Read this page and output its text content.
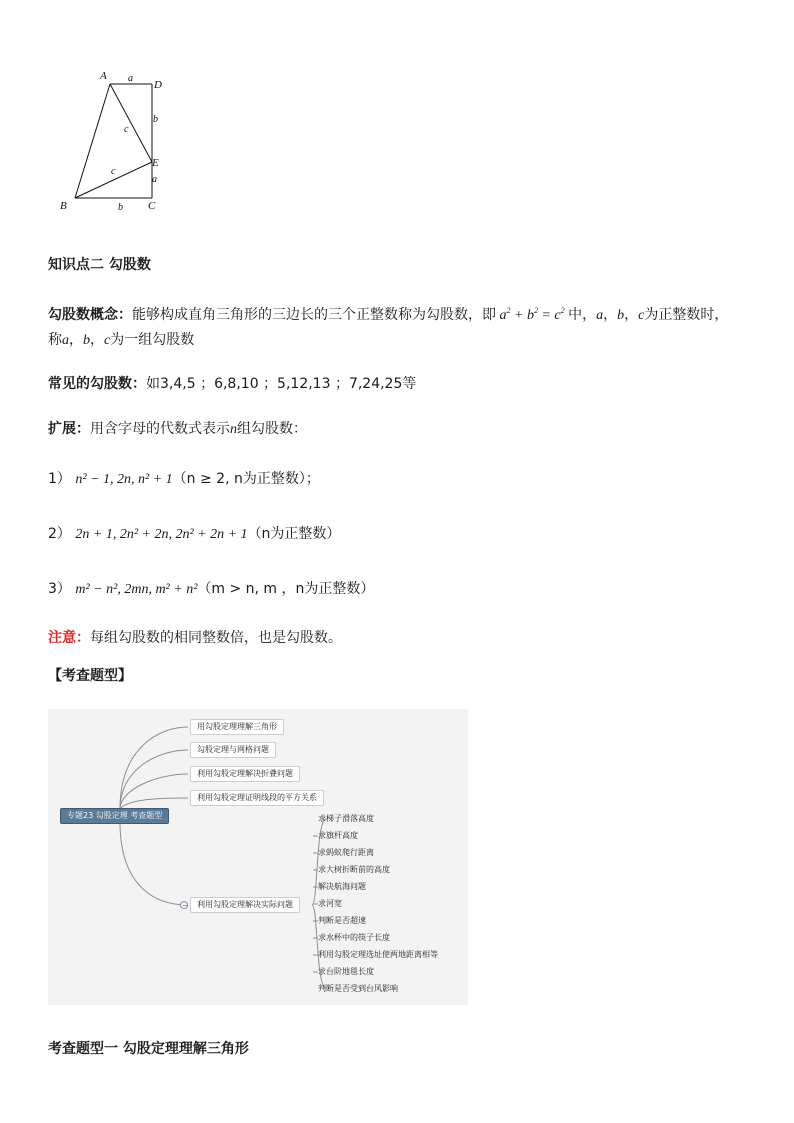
A
D
B	C
E
a
b
a
b
c
c
知识点二 勾股数
勾股数概念：能够构成直角三角形的三边长的三个正整数称为勾股数，即 $a^2 + b^2 = c^2$ 中，a，b，c为正整数时，
称a，b，c为一组勾股数
常见的勾股数：如3,4,5 ；6,8,10 ；5,12,13 ；7,24,25等
扩展：用含字母的代数式表示n组勾股数：
1） n² − 1, 2n, n² + 1（n ≥ 2, n为正整数）；
2） 2n + 1, 2n² + 2n, 2n² + 2n + 1（n为正整数）
3） m² − n², 2mn, m² + n²（m > n, m ，n为正整数）
注意：每组勾股数的相同整数倍，也是勾股数。
【考查题型】
−
专题23 勾股定理 考查题型
用勾股定理理解三角形
勾股定理与网格问题
利用勾股定理解决折叠问题
利用勾股定理证明线段的平方关系
利用勾股定理解决实际问题
求梯子滑落高度
求旗杆高度
求蚂蚁爬行距离
求大树折断前的高度
解决航海问题
求河宽
判断是否超速
求水杯中的筷子长度
利用勾股定理选址使两地距离相等
求台阶地毯长度
判断是否受到台风影响
考查题型一 勾股定理理解三角形
